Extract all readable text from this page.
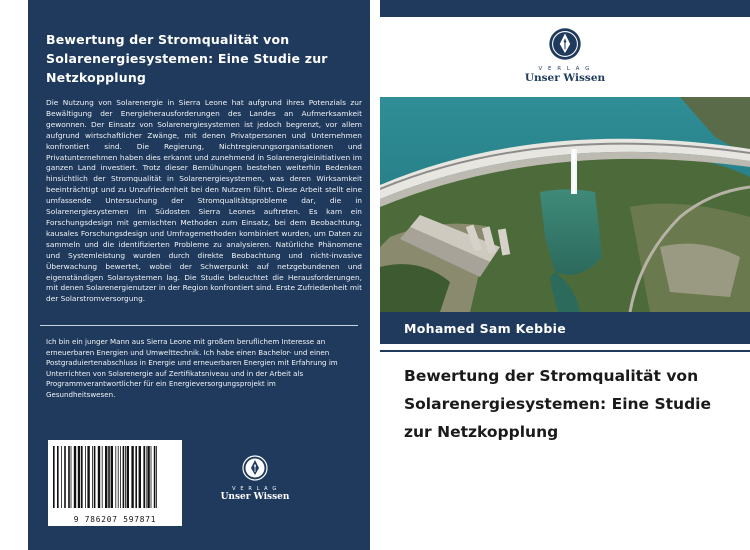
Bewertung der Stromqualität von Solarenergiesystemen: Eine Studie zur Netzkopplung
Die Nutzung von Solarenergie in Sierra Leone hat aufgrund ihres Potenzials zur Bewältigung der Energieherausforderungen des Landes an Aufmerksamkeit gewonnen. Der Einsatz von Solarenergiesystemen ist jedoch begrenzt, vor allem aufgrund wirtschaftlicher Zwänge, mit denen Privatpersonen und Unternehmen konfrontiert sind. Die Regierung, Nichtregierungsorganisationen und Privatunternehmen haben dies erkannt und zunehmend in Solarenergieinitiativen im ganzen Land investiert. Trotz dieser Bemühungen bestehen weiterhin Bedenken hinsichtlich der Stromqualität in Solarenergiesystemen, was deren Wirksamkeit beeinträchtigt und zu Unzufriedenheit bei den Nutzern führt. Diese Arbeit stellt eine umfassende Untersuchung der Stromqualitätsprobleme dar, die in Solarenergiesystemen im Südosten Sierra Leones auftreten. Es kam ein Forschungsdesign mit gemischten Methoden zum Einsatz, bei dem Beobachtung, kausales Forschungsdesign und Umfragemethoden kombiniert wurden, um Daten zu sammeln und die identifizierten Probleme zu analysieren. Natürliche Phänomene und Systemleistung wurden durch direkte Beobachtung und nicht-invasive Überwachung bewertet, wobei der Schwerpunkt auf netzgebundenen und eigenständigen Solarsystemen lag. Die Studie beleuchtet die Herausforderungen, mit denen Solarenergienutzer in der Region konfrontiert sind. Erste Zufriedenheit mit der Solarstromversorgung.
Ich bin ein junger Mann aus Sierra Leone mit großem beruflichem Interesse an erneuerbaren Energien und Umwelttechnik. Ich habe einen Bachelor- und einen Postgraduiertenabschluss in Energie und erneuerbaren Energien mit Erfahrung im Unterrichten von Solarenergie auf Zertifikatsniveau und in der Arbeit als Programmverantwortlicher für ein Energieversorgungsprojekt im Gesundheitswesen.
9 786207 597871
V E R L A G
Unser Wissen
V E R L A G
Unser Wissen
Mohamed Sam Kebbie
Bewertung der Stromqualität von Solarenergiesystemen: Eine Studie zur Netzkopplung
